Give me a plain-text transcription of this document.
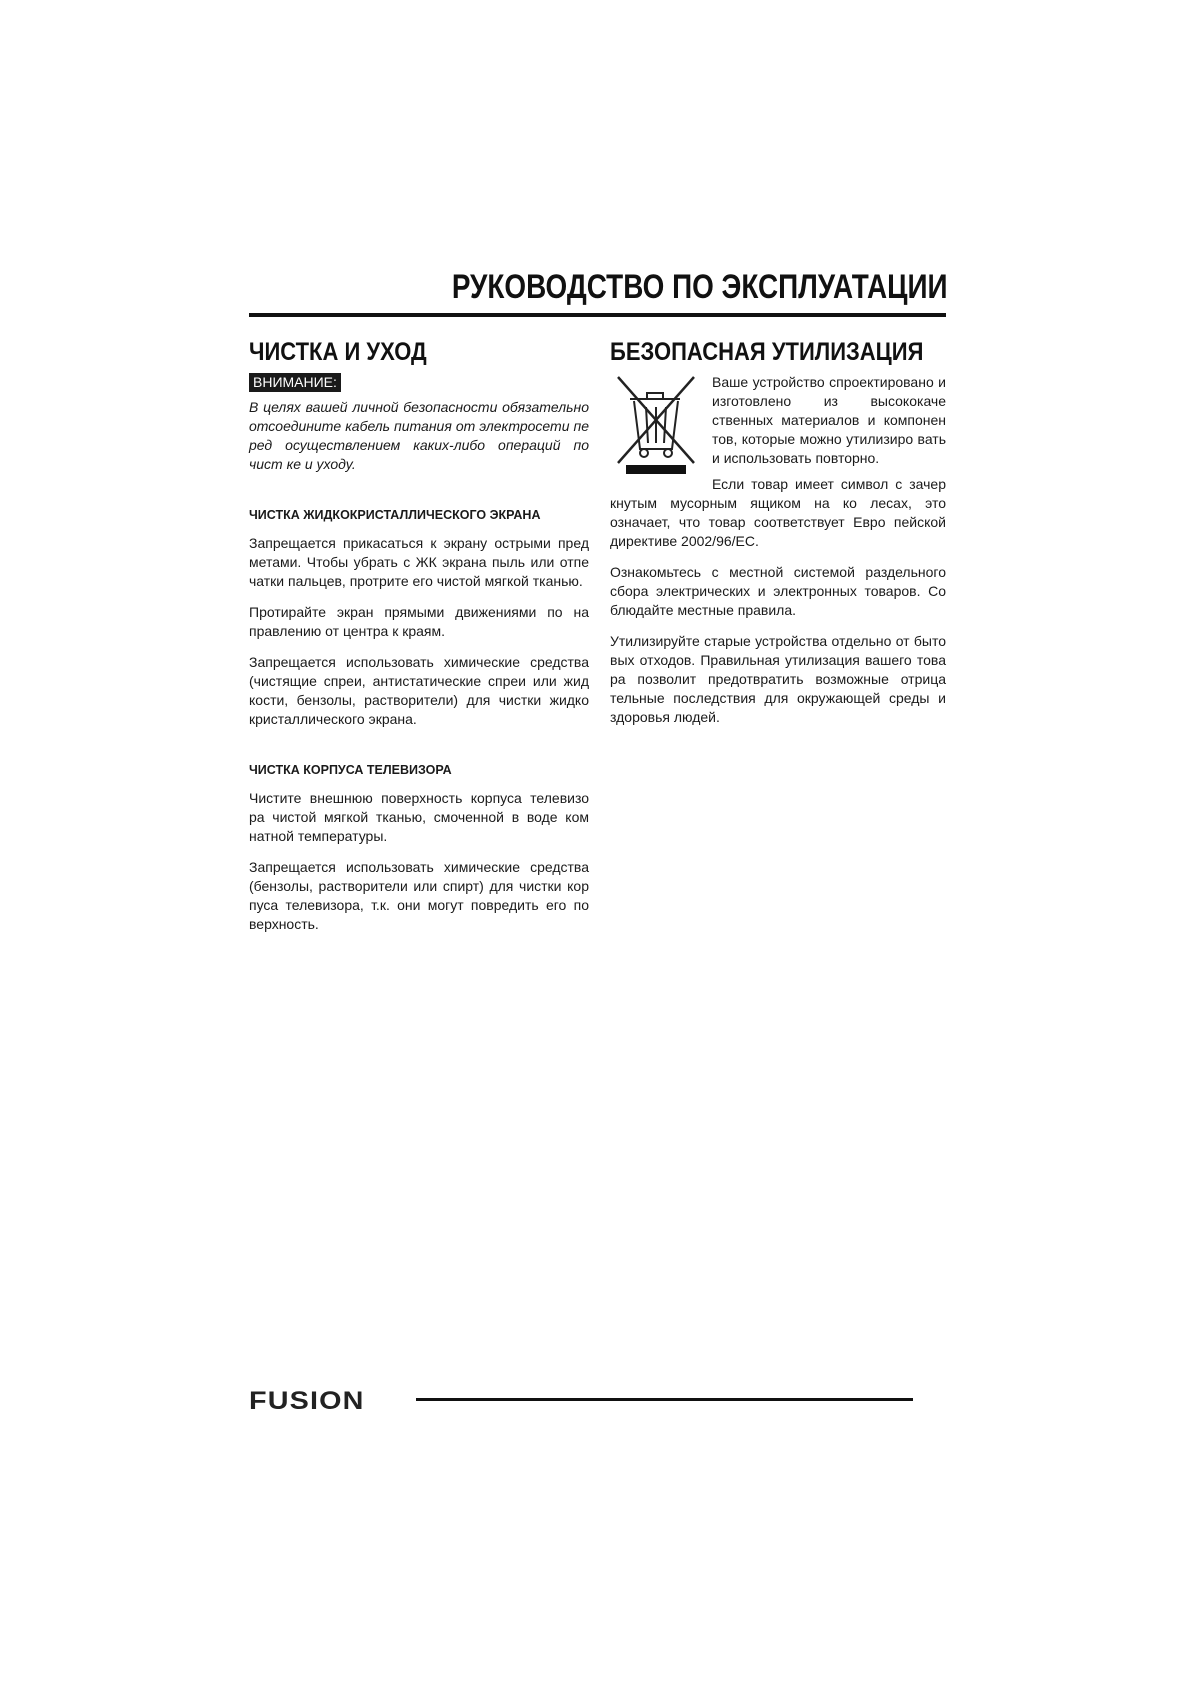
РУКОВОДСТВО ПО ЭКСПЛУАТАЦИИ
ЧИСТКА И УХОД
ВНИМАНИЕ:

В целях вашей личной безопасности обязательно отсоедините кабель питания от электросети пе ред осуществлением каких-либо операций по чист ке и уходу.

ЧИСТКА ЖИДКОКРИСТАЛЛИЧЕСКОГО ЭКРАНА

Запрещается прикасаться к экрану острыми пред метами. Чтобы убрать с ЖК экрана пыль или отпе чатки пальцев, протрите его чистой мягкой тканью.

Протирайте экран прямыми движениями по на правлению от центра к краям.

Запрещается использовать химические средства (чистящие спреи, антистатические спреи или жид кости, бензолы, растворители) для чистки жидко кристаллического экрана.

ЧИСТКА КОРПУСА ТЕЛЕВИЗОРА

Чистите внешнюю поверхность корпуса телевизо ра чистой мягкой тканью, смоченной в воде ком натной температуры.

Запрещается использовать химические средства (бензолы, растворители или спирт) для чистки кор пуса телевизора, т.к. они могут повредить его по верхность.

БЕЗОПАСНАЯ УТИЛИЗАЦИЯ

Ваше устройство спроектировано и изготовлено из высококаче ственных материалов и компонен тов, которые можно утилизиро вать и использовать повторно.

Если товар имеет символ с зачер кнутым мусорным ящиком на ко лесах, это означает, что товар соответствует Евро пейской директиве 2002/96/EC.

Ознакомьтесь с местной системой раздельного сбора электрических и электронных товаров. Со блюдайте местные правила.

Утилизируйте старые устройства отдельно от быто вых отходов. Правильная утилизация вашего това ра позволит предотвратить возможные отрица тельные последствия для окружающей среды и здоровья людей.

FUSION
